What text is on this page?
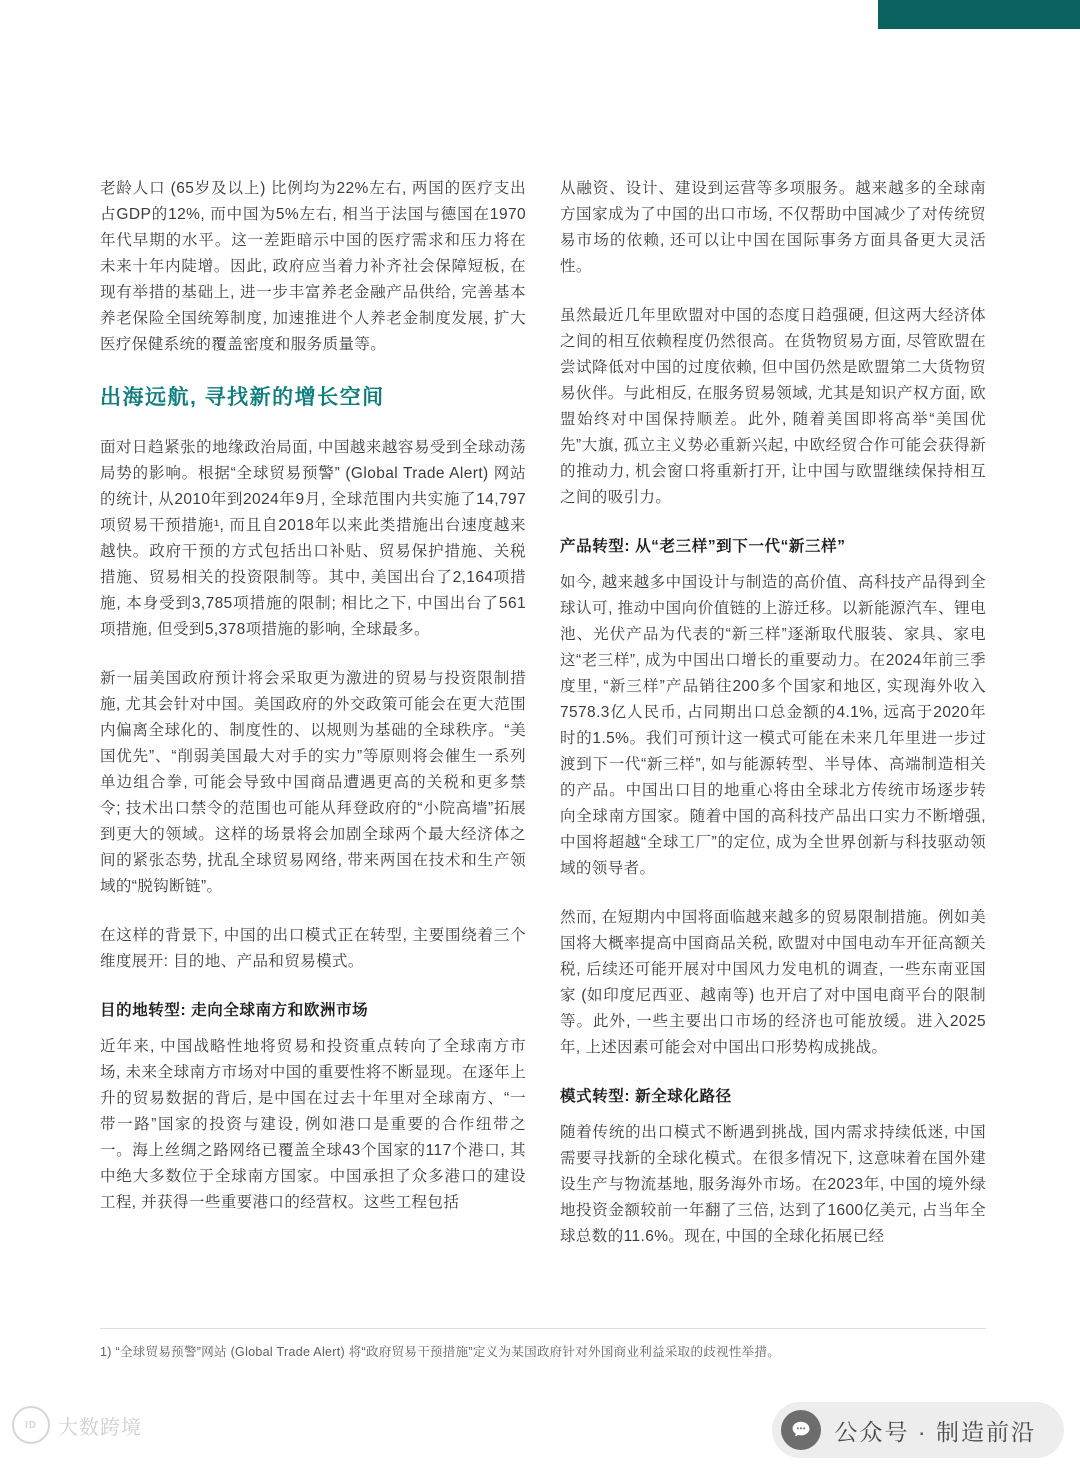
老龄人口 (65岁及以上) 比例均为22%左右, 两国的医疗支出占GDP的12%, 而中国为5%左右, 相当于法国与德国在1970年代早期的水平。这一差距暗示中国的医疗需求和压力将在未来十年内陡增。因此, 政府应当着力补齐社会保障短板, 在现有举措的基础上, 进一步丰富养老金融产品供给, 完善基本养老保险全国统筹制度, 加速推进个人养老金制度发展, 扩大医疗保健系统的覆盖密度和服务质量等。

出海远航, 寻找新的增长空间

面对日趋紧张的地缘政治局面, 中国越来越容易受到全球动荡局势的影响。根据“全球贸易预警” (Global Trade Alert) 网站的统计, 从2010年到2024年9月, 全球范围内共实施了14,797项贸易干预措施¹, 而且自2018年以来此类措施出台速度越来越快。政府干预的方式包括出口补贴、贸易保护措施、关税措施、贸易相关的投资限制等。其中, 美国出台了2,164项措施, 本身受到3,785项措施的限制; 相比之下, 中国出台了561项措施, 但受到5,378项措施的影响, 全球最多。

新一届美国政府预计将会采取更为激进的贸易与投资限制措施, 尤其会针对中国。美国政府的外交政策可能会在更大范围内偏离全球化的、制度性的、以规则为基础的全球秩序。“美国优先”、“削弱美国最大对手的实力”等原则将会催生一系列单边组合拳, 可能会导致中国商品遭遇更高的关税和更多禁令; 技术出口禁令的范围也可能从拜登政府的“小院高墙”拓展到更大的领域。这样的场景将会加剧全球两个最大经济体之间的紧张态势, 扰乱全球贸易网络, 带来两国在技术和生产领域的“脱钩断链”。

在这样的背景下, 中国的出口模式正在转型, 主要围绕着三个维度展开: 目的地、产品和贸易模式。

目的地转型: 走向全球南方和欧洲市场

近年来, 中国战略性地将贸易和投资重点转向了全球南方市场, 未来全球南方市场对中国的重要性将不断显现。在逐年上升的贸易数据的背后, 是中国在过去十年里对全球南方、“一带一路”国家的投资与建设, 例如港口是重要的合作纽带之一。海上丝绸之路网络已覆盖全球43个国家的117个港口, 其中绝大多数位于全球南方国家。中国承担了众多港口的建设工程, 并获得一些重要港口的经营权。这些工程包括

从融资、设计、建设到运营等多项服务。越来越多的全球南方国家成为了中国的出口市场, 不仅帮助中国减少了对传统贸易市场的依赖, 还可以让中国在国际事务方面具备更大灵活性。

虽然最近几年里欧盟对中国的态度日趋强硬, 但这两大经济体之间的相互依赖程度仍然很高。在货物贸易方面, 尽管欧盟在尝试降低对中国的过度依赖, 但中国仍然是欧盟第二大货物贸易伙伴。与此相反, 在服务贸易领域, 尤其是知识产权方面, 欧盟始终对中国保持顺差。此外, 随着美国即将高举“美国优先”大旗, 孤立主义势必重新兴起, 中欧经贸合作可能会获得新的推动力, 机会窗口将重新打开, 让中国与欧盟继续保持相互之间的吸引力。

产品转型: 从“老三样”到下一代“新三样”

如今, 越来越多中国设计与制造的高价值、高科技产品得到全球认可, 推动中国向价值链的上游迁移。以新能源汽车、锂电池、光伏产品为代表的“新三样”逐渐取代服装、家具、家电这“老三样”, 成为中国出口增长的重要动力。在2024年前三季度里, “新三样”产品销往200多个国家和地区, 实现海外收入7578.3亿人民币, 占同期出口总金额的4.1%, 远高于2020年时的1.5%。我们可预计这一模式可能在未来几年里进一步过渡到下一代“新三样”, 如与能源转型、半导体、高端制造相关的产品。中国出口目的地重心将由全球北方传统市场逐步转向全球南方国家。随着中国的高科技产品出口实力不断增强, 中国将超越“全球工厂”的定位, 成为全世界创新与科技驱动领域的领导者。

然而, 在短期内中国将面临越来越多的贸易限制措施。例如美国将大概率提高中国商品关税, 欧盟对中国电动车开征高额关税, 后续还可能开展对中国风力发电机的调查, 一些东南亚国家 (如印度尼西亚、越南等) 也开启了对中国电商平台的限制等。此外, 一些主要出口市场的经济也可能放缓。进入2025年, 上述因素可能会对中国出口形势构成挑战。

模式转型: 新全球化路径

随着传统的出口模式不断遇到挑战, 国内需求持续低迷, 中国需要寻找新的全球化模式。在很多情况下, 这意味着在国外建设生产与物流基地, 服务海外市场。在2023年, 中国的境外绿地投资金额较前一年翻了三倍, 达到了1600亿美元, 占当年全球总数的11.6%。现在, 中国的全球化拓展已经

1) “全球贸易预警”网站 (Global Trade Alert) 将“政府贸易干预措施”定义为某国政府针对外国商业利益采取的歧视性举措。

ID	大数跨境	公众号 · 制造前沿
